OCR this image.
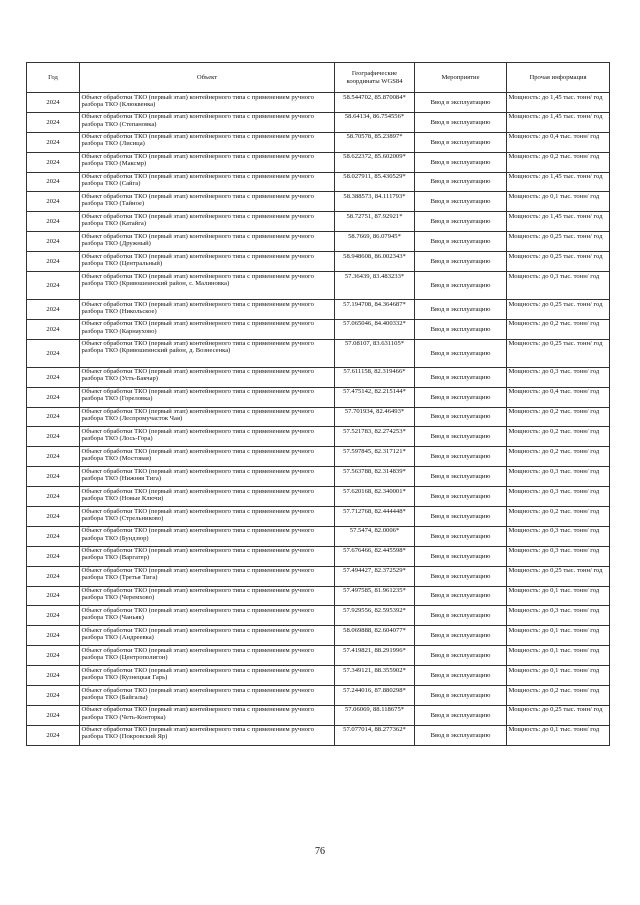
Год	Объект	Географические координаты WGS84	Мероприятие	Прочая информация
2024	Объект обработки ТКО (первый этап) контейнерного типа с применением ручного разбора ТКО (Клюквенка)	58.544702, 85.870084*	Ввод в эксплуатацию	Мощность: до 1,45 тыс. тонн/ год
2024	Объект обработки ТКО (первый этап) контейнерного типа с применением ручного разбора ТКО (Степановка)	58.64134, 86.754556*	Ввод в эксплуатацию	Мощность: до 1,45 тыс. тонн/ год
2024	Объект обработки ТКО (первый этап) контейнерного типа с применением ручного разбора ТКО (Лисица)	58.70578, 85.23897*	Ввод в эксплуатацию	Мощность: до 0,4 тыс. тонн/ год
2024	Объект обработки ТКО (первый этап) контейнерного типа с применением ручного разбора ТКО (Максмр)	58.622372, 85.602009*	Ввод в эксплуатацию	Мощность: до 0,2 тыс. тонн/ год
2024	Объект обработки ТКО (первый этап) контейнерного типа с применением ручного разбора ТКО (Сайга)	58.027911, 85.430529*	Ввод в эксплуатацию	Мощность: до 1,45 тыс. тонн/ год
2024	Объект обработки ТКО (первый этап) контейнерного типа с применением ручного разбора ТКО (Тайное)	58.388573, 84.111793*	Ввод в эксплуатацию	Мощность: до 0,1 тыс. тонн/ год
2024	Объект обработки ТКО (первый этап) контейнерного типа с применением ручного разбора ТКО (Катайга)	58.72751, 87.92921*	Ввод в эксплуатацию	Мощность: до 1,45 тыс. тонн/ год
2024	Объект обработки ТКО (первый этап) контейнерного типа с применением ручного разбора ТКО (Дружный)	58.7669, 86.07945*	Ввод в эксплуатацию	Мощность: до 0,25 тыс. тонн/ год
2024	Объект обработки ТКО (первый этап) контейнерного типа с применением ручного разбора ТКО (Центральный)	58.948608, 86.002343*	Ввод в эксплуатацию	Мощность: до 0,25 тыс. тонн/ год
2024	Объект обработки ТКО (первый этап) контейнерного типа с применением ручного разбора ТКО (Кривошеинский район, с. Малиновка)	57.36439, 83.483233*	Ввод в эксплуатацию	Мощность: до 0,3 тыс. тонн/ год
2024	Объект обработки ТКО (первый этап) контейнерного типа с применением ручного разбора ТКО (Никольское)	57.194708, 84.364687*	Ввод в эксплуатацию	Мощность: до 0,25 тыс. тонн/ год
2024	Объект обработки ТКО (первый этап) контейнерного типа с применением ручного разбора ТКО (Карнаухово)	57.065046, 84.400332*	Ввод в эксплуатацию	Мощность: до 0,2 тыс. тонн/ год
2024	Объект обработки ТКО (первый этап) контейнерного типа с применением ручного разбора ТКО (Кривошеинский район, д. Вознесенка)	57.08107, 83.631105*	Ввод в эксплуатацию	Мощность: до 0,25 тыс. тонн/ год
2024	Объект обработки ТКО (первый этап) контейнерного типа с применением ручного разбора ТКО (Усть-Бакчар)	57.611158, 82.319466*	Ввод в эксплуатацию	Мощность: до 0,3 тыс. тонн/ год
2024	Объект обработки ТКО (первый этап) контейнерного типа с применением ручного разбора ТКО (Гореловка)	57.475142, 82.215144*	Ввод в эксплуатацию	Мощность: до 0,4 тыс. тонн/ год
2024	Объект обработки ТКО (первый этап) контейнерного типа с применением ручного разбора ТКО (Леспромучасток Чая)	57.701934, 82.46493*	Ввод в эксплуатацию	Мощность: до 0,2 тыс. тонн/ год
2024	Объект обработки ТКО (первый этап) контейнерного типа с применением ручного разбора ТКО (Лось-Гора)	57.521783, 82.274253*	Ввод в эксплуатацию	Мощность: до 0,2 тыс. тонн/ год
2024	Объект обработки ТКО (первый этап) контейнерного типа с применением ручного разбора ТКО (Мостовая)	57.597845, 82.317121*	Ввод в эксплуатацию	Мощность: до 0,2 тыс. тонн/ год
2024	Объект обработки ТКО (первый этап) контейнерного типа с применением ручного разбора ТКО (Нижняя Тига)	57.563788, 82.314839*	Ввод в эксплуатацию	Мощность: до 0,3 тыс. тонн/ год
2024	Объект обработки ТКО (первый этап) контейнерного типа с применением ручного разбора ТКО (Новые Ключи)	57.620168, 82.340001*	Ввод в эксплуатацию	Мощность: до 0,3 тыс. тонн/ год
2024	Объект обработки ТКО (первый этап) контейнерного типа с применением ручного разбора ТКО (Стрельниково)	57.712768, 82.444448*	Ввод в эксплуатацию	Мощность: до 0,2 тыс. тонн/ год
2024	Объект обработки ТКО (первый этап) контейнерного типа с применением ручного разбора ТКО (Бундзюр)	57.5474, 82.0006*	Ввод в эксплуатацию	Мощность: до 0,3 тыс. тонн/ год
2024	Объект обработки ТКО (первый этап) контейнерного типа с применением ручного разбора ТКО (Варгатер)	57.676466, 82.445598*	Ввод в эксплуатацию	Мощность: до 0,3 тыс. тонн/ год
2024	Объект обработки ТКО (первый этап) контейнерного типа с применением ручного разбора ТКО (Третья Тига)	57.494427, 82.372529*	Ввод в эксплуатацию	Мощность: до 0,25 тыс. тонн/ год
2024	Объект обработки ТКО (первый этап) контейнерного типа с применением ручного разбора ТКО (Черемхово)	57.497585, 81.961235*	Ввод в эксплуатацию	Мощность: до 0,1 тыс. тонн/ год
2024	Объект обработки ТКО (первый этап) контейнерного типа с применением ручного разбора ТКО (Чаньяк)	57.929556, 82.595392*	Ввод в эксплуатацию	Мощность: до 0,3 тыс. тонн/ год
2024	Объект обработки ТКО (первый этап) контейнерного типа с применением ручного разбора ТКО (Андреевка)	58.069888, 82.604077*	Ввод в эксплуатацию	Мощность: до 0,1 тыс. тонн/ год
2024	Объект обработки ТКО (первый этап) контейнерного типа с применением ручного разбора ТКО (Центрополигон)	57.419821, 88.291996*	Ввод в эксплуатацию	Мощность: до 0,1 тыс. тонн/ год
2024	Объект обработки ТКО (первый этап) контейнерного типа с применением ручного разбора ТКО (Кузнецкая Гарь)	57.349121, 88.355902*	Ввод в эксплуатацию	Мощность: до 0,1 тыс. тонн/ год
2024	Объект обработки ТКО (первый этап) контейнерного типа с применением ручного разбора ТКО (Байгалы)	57.244016, 87.880298*	Ввод в эксплуатацию	Мощность: до 0,2 тыс. тонн/ год
2024	Объект обработки ТКО (первый этап) контейнерного типа с применением ручного разбора ТКО (Четь-Конторка)	57.06069, 88.118675*	Ввод в эксплуатацию	Мощность: до 0,25 тыс. тонн/ год
2024	Объект обработки ТКО (первый этап) контейнерного типа с применением ручного разбора ТКО (Покровский Яр)	57.077014, 88.277362*	Ввод в эксплуатацию	Мощность: до 0,1 тыс. тонн/ год
76
